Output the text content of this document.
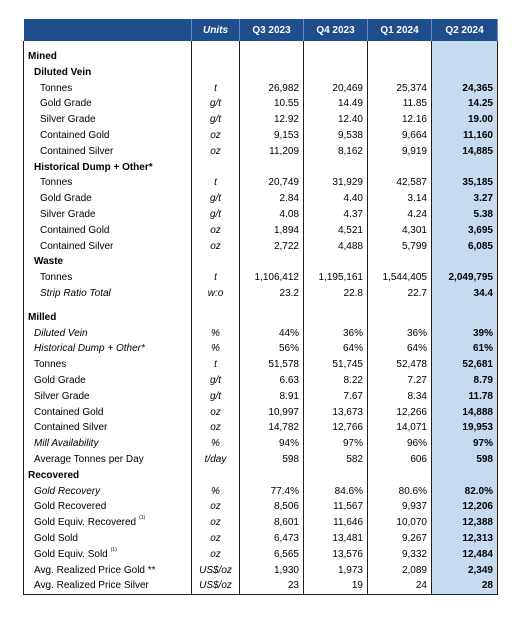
	Units	Q3 2023	Q4 2023	Q1 2024	Q2 2024

Mined					
Diluted Vein					
Tonnes	t	26,982	20,469	25,374	24,365
Gold Grade	g/t	10.55	14.49	11.85	14.25
Silver Grade	g/t	12.92	12.40	12.16	19.00
Contained Gold	oz	9,153	9,538	9,664	11,160
Contained Silver	oz	11,209	8,162	9,919	14,885
Historical Dump + Other*					
Tonnes	t	20,749	31,929	42,587	35,185
Gold Grade	g/t	2.84	4.40	3.14	3.27
Silver Grade	g/t	4.08	4.37	4.24	5.38
Contained Gold	oz	1,894	4,521	4,301	3,695
Contained Silver	oz	2,722	4,488	5,799	6,085
Waste					
Tonnes	t	1,106,412	1,195,161	1,544,405	2,049,795
Strip Ratio Total	w:o	23.2	22.8	22.7	34.4

Milled					
Diluted Vein	%	44%	36%	36%	39%
Historical Dump + Other*	%	56%	64%	64%	61%
Tonnes	t	51,578	51,745	52,478	52,681
Gold Grade	g/t	6.63	8.22	7.27	8.79
Silver Grade	g/t	8.91	7.67	8.34	11.78
Contained Gold	oz	10,997	13,673	12,266	14,888
Contained Silver	oz	14,782	12,766	14,071	19,953
Mill Availability	%	94%	97%	96%	97%
Average Tonnes per Day	t/day	598	582	606	598
Recovered					
Gold Recovery	%	77.4%	84.6%	80.6%	82.0%
Gold Recovered	oz	8,506	11,567	9,937	12,206
Gold Equiv. Recovered $^{(1)}$	oz	8,601	11,646	10,070	12,388
Gold Sold	oz	6,473	13,481	9,267	12,313
Gold Equiv. Sold $^{(1)}$	oz	6,565	13,576	9,332	12,484
Avg. Realized Price Gold **	US$/oz	1,930	1,973	2,089	2,349
Avg. Realized Price Silver	US$/oz	23	19	24	28
